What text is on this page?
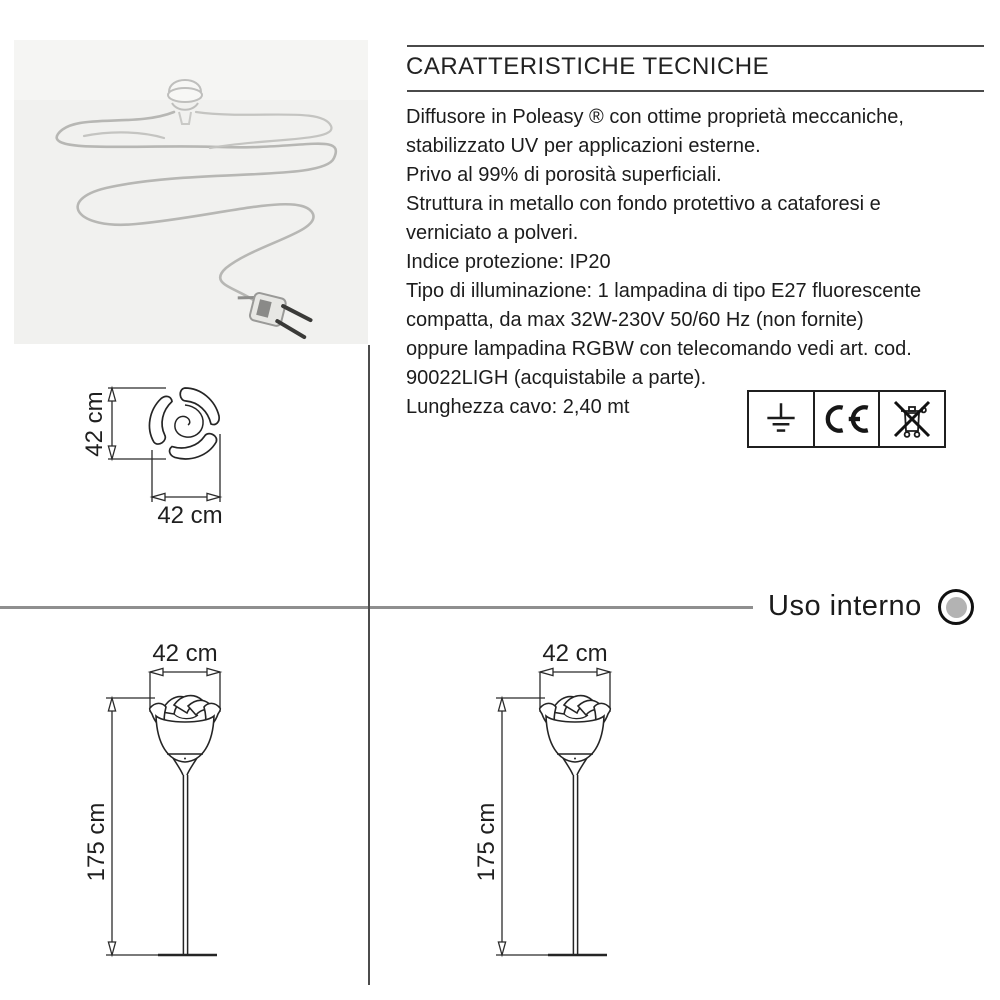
CARATTERISTICHE TECNICHE
Diffusore in Poleasy ® con ottime proprietà meccaniche,
stabilizzato UV per applicazioni esterne.
Privo al 99% di porosità superficiali.
Struttura in metallo con fondo protettivo a cataforesi e
verniciato a polveri.
Indice protezione: IP20
Tipo di illuminazione: 1 lampadina di tipo E27 fluorescente
compatta, da max 32W-230V 50/60 Hz (non fornite)
oppure lampadina RGBW con telecomando vedi art. cod.
90022LIGH (acquistabile a parte).
Lunghezza cavo: 2,40 mt
42 cm
42 cm
Uso interno
42 cm
175 cm
42 cm
175 cm
